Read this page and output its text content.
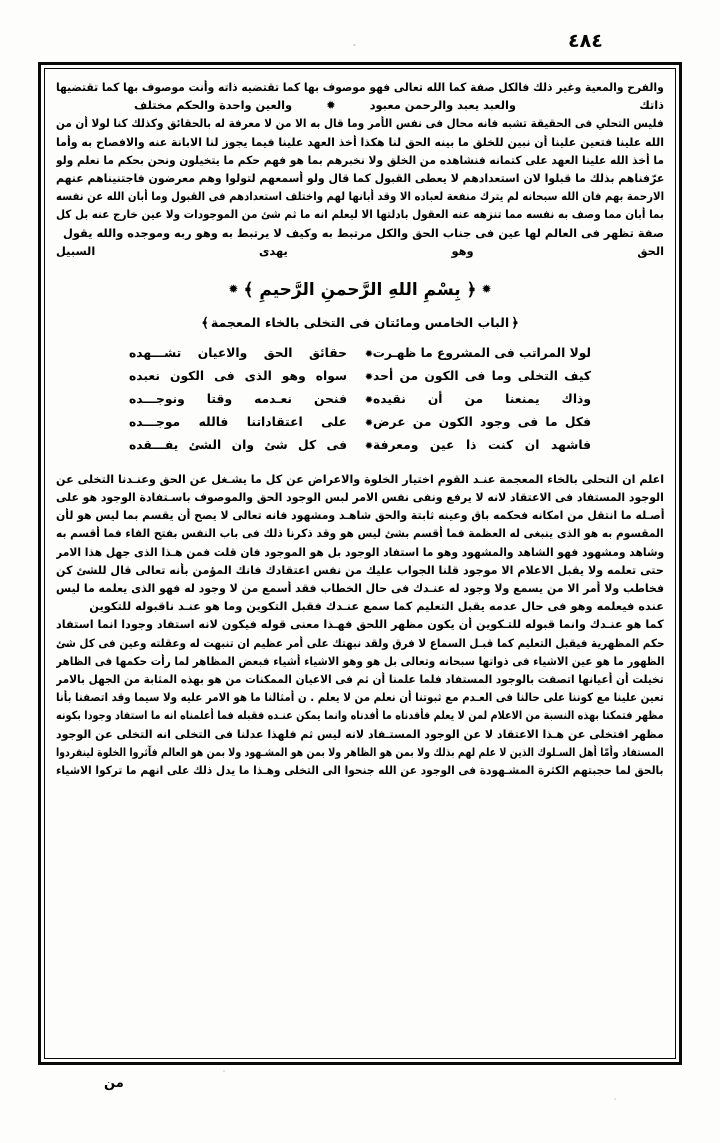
٤٨٤
والفرح والمعية وغير ذلك فالكل صفة كما الله تعالى فهو موصوف بها كما تقتضيه ذاته وأنت موصوف بها كما تقتضيها
ذاتك
والعبد يعبد والرحمن معبود
✹
والعين واحدة والحكم مختلف
فليس التحلي فى الحقيقة تشبه فانه محال فى نفس الأمر وما قال به الا من لا معرفة له بالحقائق وكذلك كنا لولا أن من
الله علينا فتعين علينا أن نبين للخلق ما بينه الحق لنا هكذا أخذ العهد علينا فيما يجوز لنا الابانة عنه والافصاح به وأما
ما أخذ الله علينا العهد على كتمانه فنشاهده من الخلق ولا نخبرهم بما هو فهم حكم ما يتخيلون ونحن بحكم ما نعلم ولو
عرّفناهم بذلك ما قبلوا لان استعدادهم لا يعطى القبول كما قال ولو أسمعهم لتولوا وهم معرضون فاجتنيناهم عنهم
الارحمة بهم فان الله سبحانه لم يترك منفعة لعباده الا وقد أبانها لهم واختلف استعدادهم فى القبول وما أبان الله عن نفسه
بما أبان مما وصف به نفسه مما تنزهه عنه العقول بادلتها الا ليعلم انه ما ثم شئ من الموجودات ولا عين خارج عنه بل كل
صفة تظهر فى العالم لها عين فى جناب الحق والكل مرتبط به وكيف لا يرتبط به وهو ربه وموجده والله يقول
الحق وهو يهدى السبيل
✹﴿ بِسْمِ اللهِ الرَّحمنِ الرَّحيمِ ﴾✹
﴿الباب الخامس ومائتان فى التخلى بالخاء المعجمة﴾
لولا المراتب فى المشروع ما ظهـرت
✹
حقائق الحق والاعيان تشـــهده
كيف التخلى وما فى الكون من أحد
✹
سواه وهو الذى فى الكون نعبده
وذاك يمنعنا من أن نقيده
✹
فنحن نعـدمه وقتا ونوجـــده
فكل ما فى وجود الكون من عرض
✹
على اعتقاداتنا فالله موجـــده
فاشهد ان كنت ذا عين ومعرفة
✹
فى كل شئ وان الشئ يفـــقده
اعلم ان التحلى بالخاء المعجمة عنـد القوم اختيار الخلوة والاعراض عن كل ما يشـغل عن الحق وعنـدنا التخلى عن
الوجود المستفاد فى الاعتقاد لانه لا يرفع ونفى نفس الامر لبس الوجود الحق والموصوف باسـتفادة الوجود هو على
أصـله ما انتقل من امكانه فحكمه باق وعينه ثابتة والحق شاهـد ومشهود فانه تعالى لا يصح أن يقسم بما ليس هو لأن
المقسوم به هو الذى ينبغى له العظمة فما أقسم بشئ ليس هو وقد ذكرنا ذلك فى باب النفس بفتح الفاء فما أقسم به
وشاهد ومشهود فهو الشاهد والمشهود وهو ما استفاد الوجود بل هو الموجود فان قلت فمن هـذا الذى جهل هذا الامر
حتى تعلمه ولا يقبل الاعلام الا موجود قلنا الجواب عليك من نفس اعتقادك فانك المؤمن بأنه تعالى قال للشئ كن
فخاطب ولا أمر الا من يسمع ولا وجود له عنـدك فى حال الخطاب فقد أسمع من لا وجود له فهو الذى يعلمه ما ليس
عنده فيعلمه وهو فى حال عدمه يقبل التعليم كما سمع عنـدك فقبل التكوين وما هو عنـد ناقبوله للتكوين
كما هو عنـدك وانما قبوله للتـكوين أن يكون مظهر اللحق فهـذا معنى قوله فيكون لانه استفاد وجودا انما استفاد
حكم المظهرية فيقبل التعليم كما قبـل السماع لا فرق ولقد نبهتك على أمر عظيم ان تنبهت له وعقلته وعين فى كل شئ
الظهور ما هو عين الاشياء فى ذواتها سبحانه وتعالى بل هو وهو الاشياء أشياء فبعض المظاهر لما رأت حكمها فى الظاهر
تخيلت أن أعيانها اتصفت بالوجود المستفاد فلما علمنا أن ثم فى الاعيان الممكنات من هو بهذه المثابة من الجهل بالامر
تعين علينا مع كوننا على حالنا فى العـدم مع ثبوتنا أن نعلم من لا يعلم . ن أمثالنا ما هو الامر عليه ولا سيما وقد اتصفنا بأنا
مظهر فتمكنا بهذه النسبة من الاعلام لمن لا يعلم فأفدناه ما أفدناه وانما يمكن عنـده فقبله فما أعلمناه انه ما استفاد وجودا بكونه
مظهر افتخلى عن هـذا الاعتقاد لا عن الوجود المستـفاد لانه ليس ثم فلهذا عدلنا فى التخلى انه التخلى عن الوجود
المستفاد وأمّا أهل السـلوك الذين لا علم لهم بذلك ولا بمن هو الظاهر ولا بمن هو المشـهود ولا بمن هو العالم فآثروا الخلوة لينفردوا
بالحق لما حجبتهم الكثرة المشـهودة فى الوجود عن الله جنحوا الى التخلى وهـذا ما يدل ذلك على انهم ما تركوا الاشياء
من
